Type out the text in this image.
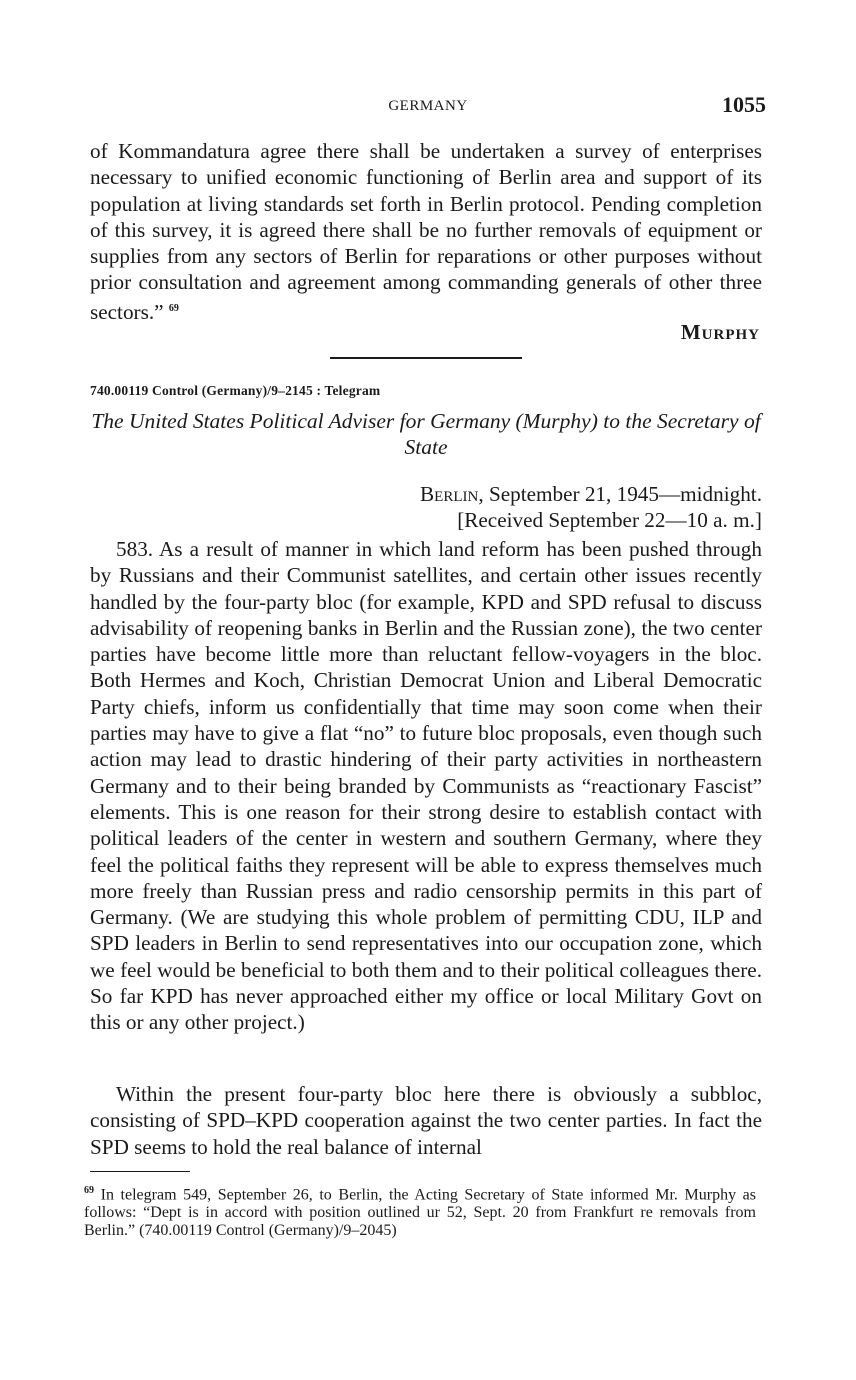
GERMANY	1055
of Kommandatura agree there shall be undertaken a survey of enterprises necessary to unified economic functioning of Berlin area and support of its population at living standards set forth in Berlin protocol. Pending completion of this survey, it is agreed there shall be no further removals of equipment or supplies from any sectors of Berlin for reparations or other purposes without prior consultation and agreement among commanding generals of other three sectors.” $^{69}$
Murphy
740.00119 Control (Germany)/9–2145 : Telegram
The United States Political Adviser for Germany (Murphy) to the Secretary of State
Berlin, September 21, 1945—midnight.
[Received September 22—10 a. m.]
583. As a result of manner in which land reform has been pushed through by Russians and their Communist satellites, and certain other issues recently handled by the four-party bloc (for example, KPD and SPD refusal to discuss advisability of reopening banks in Berlin and the Russian zone), the two center parties have become little more than reluctant fellow-voyagers in the bloc. Both Hermes and Koch, Christian Democrat Union and Liberal Democratic Party chiefs, inform us confidentially that time may soon come when their parties may have to give a flat “no” to future bloc proposals, even though such action may lead to drastic hindering of their party activities in northeastern Germany and to their being branded by Communists as “reactionary Fascist” elements. This is one reason for their strong desire to establish contact with political leaders of the center in western and southern Germany, where they feel the political faiths they represent will be able to express themselves much more freely than Russian press and radio censorship permits in this part of Germany. (We are studying this whole problem of permitting CDU, ILP and SPD leaders in Berlin to send representatives into our occupation zone, which we feel would be beneficial to both them and to their political colleagues there. So far KPD has never approached either my office or local Military Govt on this or any other project.)
Within the present four-party bloc here there is obviously a subbloc, consisting of SPD–KPD cooperation against the two center parties. In fact the SPD seems to hold the real balance of internal
$^{69}$ In telegram 549, September 26, to Berlin, the Acting Secretary of State informed Mr. Murphy as follows: “Dept is in accord with position outlined ur 52, Sept. 20 from Frankfurt re removals from Berlin.” (740.00119 Control (Germany)/9–2045)
